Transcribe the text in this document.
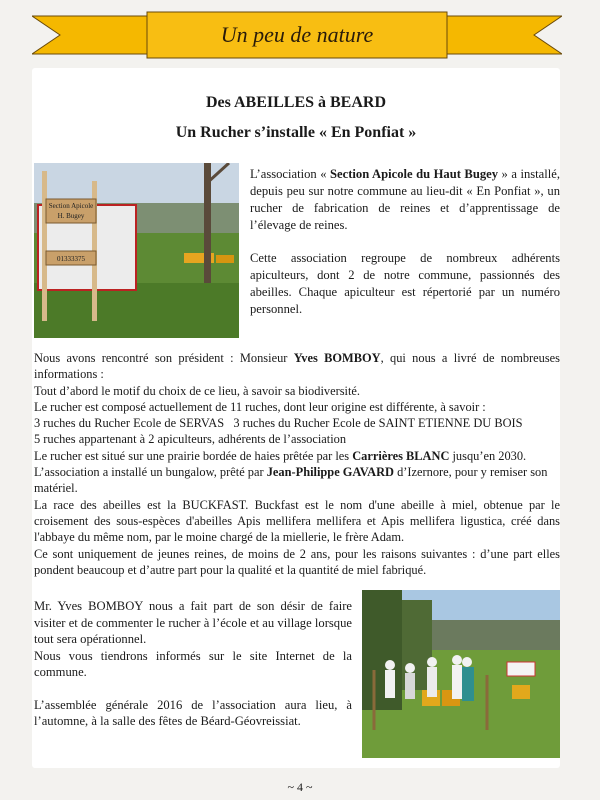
Un peu de nature
Des ABEILLES à BEARD
Un Rucher s’installe « En Ponfiat »
Section Apicole
H. Bugey
01333375

L’association « Section Apicole du Haut Bugey » a installé, depuis peu sur notre commune au lieu-dit « En Ponfiat », un rucher de fabrication de reines et d’apprentissage de l’élevage de reines.

Cette association regroupe de nombreux adhérents apiculteurs, dont 2 de notre commune, passionnés des abeilles. Chaque apiculteur est répertorié par un numéro personnel.

Nous avons rencontré son président : Monsieur Yves BOMBOY, qui nous a livré de nombreuses informations :
Tout d’abord le motif du choix de ce lieu, à savoir sa biodiversité.
Le rucher est composé actuellement de 11 ruches, dont leur origine est différente, à savoir :
3 ruches du Rucher Ecole de SERVAS   3 ruches du Rucher Ecole de SAINT ETIENNE DU BOIS
5 ruches appartenant à 2 apiculteurs, adhérents de l’association
Le rucher est situé sur une prairie bordée de haies prêtée par les Carrières BLANC jusqu’en 2030.
L’association a installé un bungalow, prêté par Jean-Philippe GAVARD d’Izernore, pour y remiser son matériel.
La race des abeilles est la BUCKFAST. Buckfast est le nom d'une abeille à miel, obtenue par le croisement des sous-espèces d'abeilles Apis mellifera mellifera et Apis mellifera ligustica, créé dans l'abbaye du même nom, par le moine chargé de la miellerie, le frère Adam.
Ce sont uniquement de jeunes reines, de moins de 2 ans, pour les raisons suivantes : d’une part elles pondent beaucoup et d’autre part pour la qualité et la quantité de miel fabriqué.

Mr. Yves BOMBOY nous a fait part de son désir de faire visiter et de commenter le rucher à l’école et au village lorsque tout sera opérationnel.
Nous vous tiendrons informés sur le site Internet de la commune.

L’assemblée générale 2016 de l’association aura lieu, à l’automne, à la salle des fêtes de Béard-Géovreissiat.

~ 4 ~
